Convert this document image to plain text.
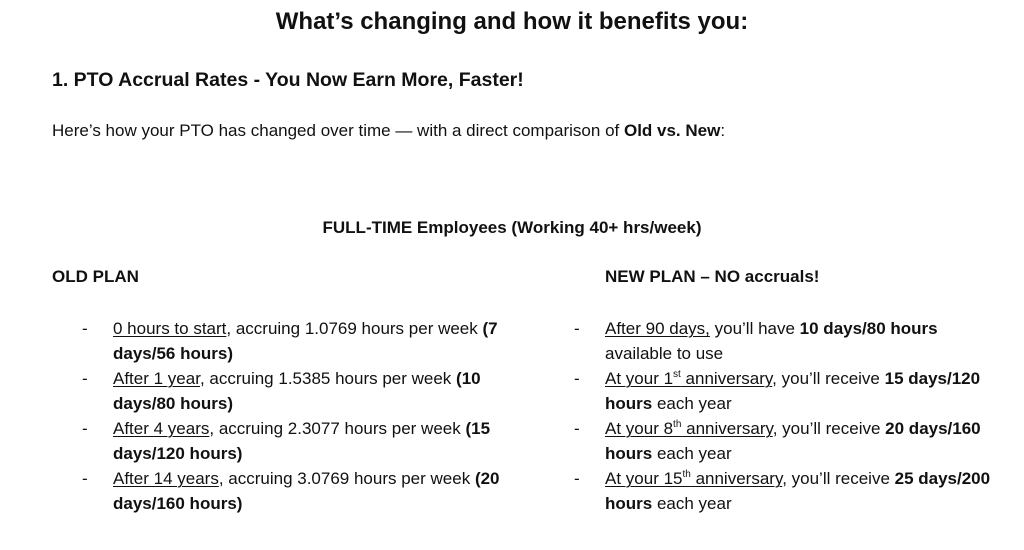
What’s changing and how it benefits you:
1. PTO Accrual Rates - You Now Earn More, Faster!
Here’s how your PTO has changed over time — with a direct comparison of Old vs. New:
FULL-TIME Employees (Working 40+ hrs/week)
OLD PLAN	NEW PLAN – NO accruals!
- 0 hours to start, accruing 1.0769 hours per week (7 days/56 hours)
- After 1 year, accruing 1.5385 hours per week (10 days/80 hours)
- After 4 years, accruing 2.3077 hours per week (15 days/120 hours)
- After 14 years, accruing 3.0769 hours per week (20 days/160 hours)
- After 90 days, you’ll have 10 days/80 hours available to use
- At your 1st anniversary, you’ll receive 15 days/120 hours each year
- At your 8th anniversary, you’ll receive 20 days/160 hours each year
- At your 15th anniversary, you’ll receive 25 days/200 hours each year
